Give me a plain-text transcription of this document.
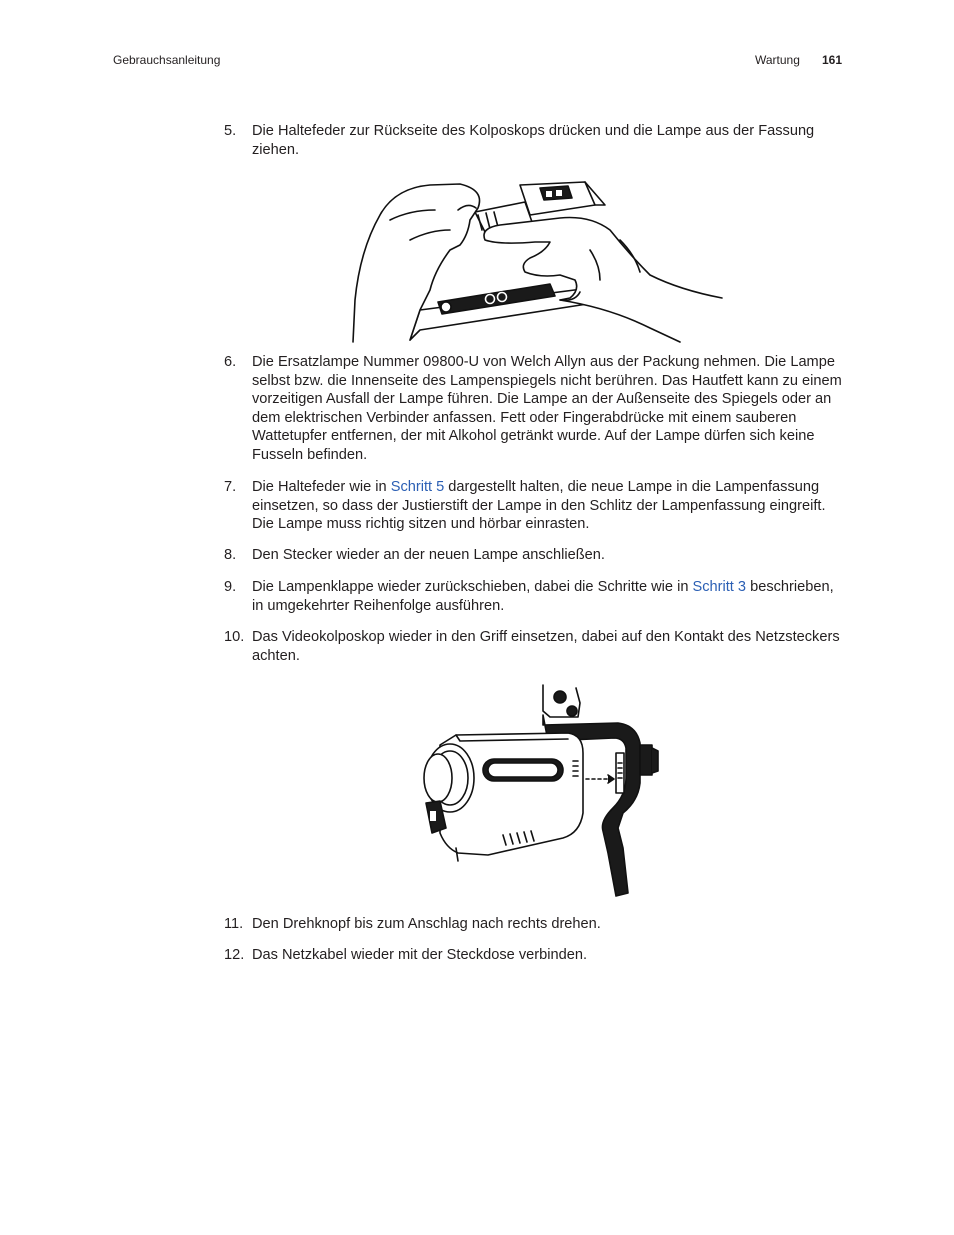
Gebrauchsanleitung	Wartung 161
5. Die Haltefeder zur Rückseite des Kolposkops drücken und die Lampe aus der Fassung ziehen.
6. Die Ersatzlampe Nummer 09800-U von Welch Allyn aus der Packung nehmen. Die Lampe selbst bzw. die Innenseite des Lampenspiegels nicht berühren. Das Hautfett kann zu einem vorzeitigen Ausfall der Lampe führen. Die Lampe an der Außenseite des Spiegels oder an dem elektrischen Verbinder anfassen. Fett oder Fingerabdrücke mit einem sauberen Wattetupfer entfernen, der mit Alkohol getränkt wurde. Auf der Lampe dürfen sich keine Fusseln befinden.
7. Die Haltefeder wie in Schritt 5 dargestellt halten, die neue Lampe in die Lampenfassung einsetzen, so dass der Justierstift der Lampe in den Schlitz der Lampenfassung eingreift. Die Lampe muss richtig sitzen und hörbar einrasten.
8. Den Stecker wieder an der neuen Lampe anschließen.
9. Die Lampenklappe wieder zurückschieben, dabei die Schritte wie in Schritt 3 beschrieben, in umgekehrter Reihenfolge ausführen.
10. Das Videokolposkop wieder in den Griff einsetzen, dabei auf den Kontakt des Netzsteckers achten.
11. Den Drehknopf bis zum Anschlag nach rechts drehen.
12. Das Netzkabel wieder mit der Steckdose verbinden.
